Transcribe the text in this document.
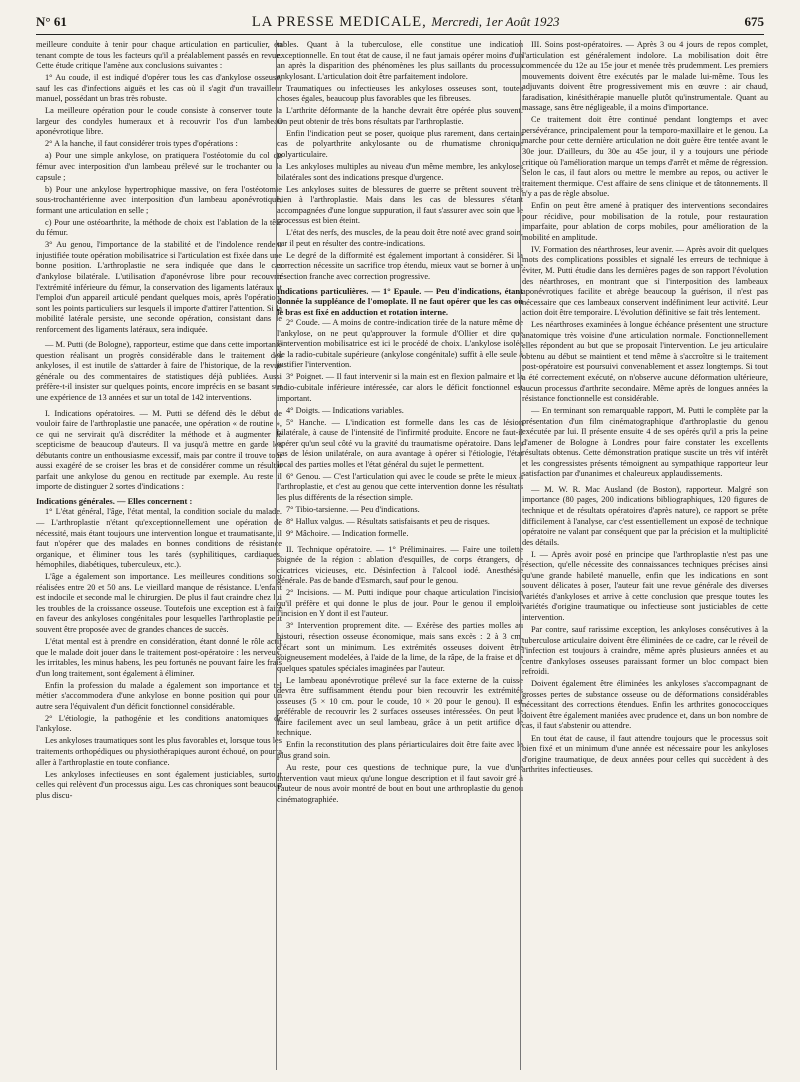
N° 61	LA PRESSE MEDICALE, Mercredi, 1er Août 1923	675

meilleure conduite à tenir pour chaque articulation en particulier, en tenant compte de tous les facteurs qu'il a préalablement passés en revue. Cette étude critique l'amène aux conclusions suivantes :

1° Au coude, il est indiqué d'opérer tous les cas d'ankylose osseuse, sauf les cas d'infections aiguës et les cas où il s'agit d'un travailleur manuel, possédant un bras très robuste.

La meilleure opération pour le coude consiste à conserver toute la largeur des condyles humeraux et à recouvrir l'os d'un lambeau aponévrotique libre.

2° A la hanche, il faut considérer trois types d'opérations :

a) Pour une simple ankylose, on pratiquera l'ostéotomie du col du fémur avec interposition d'un lambeau prélevé sur le trochanter ou la capsule ;

b) Pour une ankylose hypertrophique massive, on fera l'ostéotomie sous-trochantérienne avec interposition d'un lambeau aponévrotique, formant une articulation en selle ;

c) Pour une ostéoarthrite, la méthode de choix est l'ablation de la tête du fémur.

3° Au genou, l'importance de la stabilité et de l'indolence rendent injustifiée toute opération mobilisatrice si l'articulation est fixée dans une bonne position. L'arthroplastie ne sera indiquée que dans le cas d'ankylose bilatérale. L'utilisation d'aponévrose libre pour recouvrir l'extrémité inférieure du fémur, la conservation des ligaments latéraux et l'emploi d'un appareil articulé pendant quelques mois, après l'opération, sont les points particuliers sur lesquels il importe d'attirer l'attention. Si la mobilité latérale persiste, une seconde opération, consistant dans le renforcement des ligaments latéraux, sera indiquée.

— M. Putti (de Bologne), rapporteur, estime que dans cette importante question réalisant un progrès considérable dans le traitement des ankyloses, il est inutile de s'attarder à faire de l'historique, de la revue générale ou des commentaires de statistiques déjà publiées. Aussi préfère-t-il insister sur quelques points, encore imprécis en se basant sur une expérience de 13 années et sur un total de 142 interventions.

I. Indications opératoires. — M. Putti se défend dès le début de vouloir faire de l'arthroplastie une panacée, une opération « de routine », ce qui ne servirait qu'à discréditer la méthode et à augmenter le scepticisme de beaucoup d'auteurs. Il va jusqu'à mettre en garde les débutants contre un enthousiasme excessif, mais par contre il trouve tout aussi exagéré de se croiser les bras et de considérer comme un résultat parfait une ankylose du genou en rectitude par exemple. Au reste il importe de distinguer 2 sortes d'indications :

Indications générales. — Elles concernent :

1° L'état général, l'âge, l'état mental, la condition sociale du malade. — L'arthroplastie n'étant qu'exceptionnellement une opération de nécessité, mais étant toujours une intervention longue et traumatisante, il faut n'opérer que des malades en bonnes conditions de résistance organique, et éliminer tous les tarés (syphilitiques, cardiaques, hémophiles, diabétiques, tuberculeux, etc.).

L'âge a également son importance. Les meilleures conditions sont réalisées entre 20 et 50 ans. Le vieillard manque de résistance. L'enfant est indocile et seconde mal le chirurgien. De plus il faut craindre chez lui les troubles de la croissance osseuse. Toutefois une exception est à faire en faveur des ankyloses congénitales pour lesquelles l'arthroplastie peut souvent être proposée avec de grandes chances de succès.

L'état mental est à prendre en considération, étant donné le rôle actif que le malade doit jouer dans le traitement post-opératoire : les nerveux, les irritables, les minus habens, les peu fortunés ne pouvant faire les frais d'un long traitement, sont également à éliminer.

Enfin la profession du malade a également son importance et tel métier s'accommodera d'une ankylose en bonne position qui pour un autre sera l'équivalent d'un déficit fonctionnel considérable.

2° L'étiologie, la pathogénie et les conditions anatomiques de l'ankylose.

Les ankyloses traumatiques sont les plus favorables et, lorsque tous les traitements orthopédiques ou physiothérapiques auront échoué, on pourra aller à l'arthroplastie en toute confiance.

Les ankyloses infectieuses en sont également justiciables, surtout celles qui relèvent d'un processus aigu. Les cas chroniques sont beaucoup plus discu-

tables. Quant à la tuberculose, elle constitue une indication exceptionnelle. En tout état de cause, il ne faut jamais opérer moins d'un an après la disparition des phénomènes les plus saillants du processus ankylosant. L'articulation doit être parfaitement indolore.

Traumatiques ou infectieuses les ankyloses osseuses sont, toutes choses égales, beaucoup plus favorables que les fibreuses.

L'arthrite déformante de la hanche devrait être opérée plus souvent. On peut obtenir de très bons résultats par l'arthroplastie.

Enfin l'indication peut se poser, quoique plus rarement, dans certains cas de polyarthrite ankylosante ou de rhumatisme chronique polyarticulaire.

Les ankyloses multiples au niveau d'un même membre, les ankyloses bilatérales sont des indications presque d'urgence.

Les ankyloses suites de blessures de guerre se prêtent souvent très bien à l'arthroplastie. Mais dans les cas de blessures s'étant accompagnées d'une longue suppuration, il faut s'assurer avec soin que le processus est bien éteint.

L'état des nerfs, des muscles, de la peau doit être noté avec grand soin, car il peut en résulter des contre-indications.

Le degré de la difformité est également important à considérer. Si la correction nécessite un sacrifice trop étendu, mieux vaut se borner à une résection franche avec correction progressive.

Indications particulières. — 1° Epaule. — Peu d'indications, étant donnée la suppléance de l'omoplate. Il ne faut opérer que les cas où le bras est fixé en adduction et rotation interne.

2° Coude. — A moins de contre-indication tirée de la nature même de l'ankylose, on ne peut qu'approuver la formule d'Ollier et dire que l'intervention mobilisatrice est ici le procédé de choix. L'ankylose isolée de la radio-cubitale supérieure (ankylose congénitale) suffit à elle seule à justifier l'intervention.

3° Poignet. — Il faut intervenir si la main est en flexion palmaire et la radio-cubitale inférieure intéressée, car alors le déficit fonctionnel est important.

4° Doigts. — Indications variables.

5° Hanche. — L'indication est formelle dans les cas de lésion bilatérale, à cause de l'intensité de l'infirmité produite. Encore ne faut-il opérer qu'un seul côté vu la gravité du traumatisme opératoire. Dans les cas de lésion unilatérale, on aura avantage à opérer si l'étiologie, l'état local des parties molles et l'état général du sujet le permettent.

6° Genou. — C'est l'articulation qui avec le coude se prête le mieux à l'arthroplastie, et c'est au genou que cette intervention donne les résultats les plus différents de la résection simple.

7° Tibio-tarsienne. — Peu d'indications.

8° Hallux valgus. — Résultats satisfaisants et peu de risques.

9° Mâchoire. — Indication formelle.

II. Technique opératoire. — 1° Préliminaires. — Faire une toilette soignée de la région : ablation d'esquilles, de corps étrangers, de cicatrices vicieuses, etc. Désinfection à l'alcool iodé. Anesthésie générale. Pas de bande d'Esmarch, sauf pour le genou.

2° Incisions. — M. Putti indique pour chaque articulation l'incision qu'il préfère et qui donne le plus de jour. Pour le genou il emploie l'incision en Y dont il est l'auteur.

3° Intervention proprement dite. — Exérèse des parties molles au bistouri, résection osseuse économique, mais sans excès : 2 à 3 cm. d'écart sont un minimum. Les extrémités osseuses doivent être soigneusement modelées, à l'aide de la lime, de la râpe, de la fraise et de quelques spatules spéciales imaginées par l'auteur.

Le lambeau aponévrotique prélevé sur la face externe de la cuisse devra être suffisamment étendu pour bien recouvrir les extrémités osseuses (5 × 10 cm. pour le coude, 10 × 20 pour le genou). Il est préférable de recouvrir les 2 surfaces osseuses intéressées. On peut le faire facilement avec un seul lambeau, grâce à un petit artifice de technique.

Enfin la reconstitution des plans périarticulaires doit être faite avec le plus grand soin.

Au reste, pour ces questions de technique pure, la vue d'une intervention vaut mieux qu'une longue description et il faut savoir gré à l'auteur de nous avoir montré de bout en bout une arthroplastie du genou cinématographiée.

III. Soins post-opératoires. — Après 3 ou 4 jours de repos complet, l'articulation est généralement indolore. La mobilisation doit être commencée du 12e au 15e jour et menée très prudemment. Les premiers mouvements doivent être exécutés par le malade lui-même. Tous les adjuvants doivent être progressivement mis en œuvre : air chaud, faradisation, kinésithérapie manuelle plutôt qu'instrumentale. Quant au massage, sans être négligeable, il a moins d'importance.

Ce traitement doit être continué pendant longtemps et avec persévérance, principalement pour la temporo-maxillaire et le genou. La marche pour cette dernière articulation ne doit guère être tentée avant le 30e jour. D'ailleurs, du 30e au 45e jour, il y a toujours une période critique où l'amélioration marque un temps d'arrêt et même de régression. Selon le cas, il faut alors ou mettre le membre au repos, ou activer le traitement thermique. C'est affaire de sens clinique et de tâtonnements. Il n'y a pas de règle absolue.

Enfin on peut être amené à pratiquer des interventions secondaires pour récidive, pour mobilisation de la rotule, pour restauration imparfaite, pour ablation de corps mobiles, pour amélioration de la mobilité en amplitude.

IV. Formation des néarthroses, leur avenir. — Après avoir dit quelques mots des complications possibles et signalé les erreurs de technique à éviter, M. Putti étudie dans les dernières pages de son rapport l'évolution des néarthroses, en montrant que si l'interposition des lambeaux aponévrotiques facilite et abrège beaucoup la guérison, il n'est pas nécessaire que ces lambeaux conservent indéfiniment leur activité. Leur action doit être temporaire. L'évolution définitive se fait très lentement.

Les néarthroses examinées à longue échéance présentent une structure anatomique très voisine d'une articulation normale. Fonctionnellement elles répondent au but que se proposait l'intervention. Le jeu articulaire obtenu au début se maintient et tend même à s'accroître si le traitement post-opératoire est poursuivi convenablement et assez longtemps. Si tout a été correctement exécuté, on n'observe aucune déformation ultérieure, aucun processus d'arthrite secondaire. Même après de longues années la résistance fonctionnelle est considérable.

— En terminant son remarquable rapport, M. Putti le complète par la présentation d'un film cinématographique d'arthroplastie du genou exécutée par lui. Il présente ensuite 4 de ses opérés qu'il a pris la peine d'amener de Bologne à Londres pour faire constater les excellents résultats obtenus. Cette démonstration pratique suscite un très vif intérêt et les congressistes présents témoignent au sympathique rapporteur leur satisfaction par d'unanimes et chaleureux applaudissements.

— M. W. R. Mac Ausland (de Boston), rapporteur. Malgré son importance (80 pages, 200 indications bibliographiques, 120 figures de technique et de résultats opératoires d'après nature), ce rapport se prête difficilement à l'analyse, car c'est essentiellement un exposé de technique opératoire ne valant par conséquent que par la précision et la multiplicité des détails.

I. — Après avoir posé en principe que l'arthroplastie n'est pas une résection, qu'elle nécessite des connaissances techniques précises ainsi qu'une grande habileté manuelle, enfin que les indications en sont souvent délicates à poser, l'auteur fait une revue générale des diverses variétés d'ankyloses et arrive à cette conclusion que presque toutes les variétés d'origine traumatique ou infectieuse sont justiciables de cette intervention.

Par contre, sauf rarissime exception, les ankyloses consécutives à la tuberculose articulaire doivent être éliminées de ce cadre, car le réveil de l'infection est toujours à craindre, même après plusieurs années et au centre d'ankyloses osseuses paraissant former un bloc compact bien refroidi.

Doivent également être éliminées les ankyloses s'accompagnant de grosses pertes de substance osseuse ou de déformations considérables nécessitant des corrections étendues. Enfin les arthrites gonococciques doivent être également maniées avec prudence et, dans un bon nombre de cas, il faut s'abstenir ou attendre.

En tout état de cause, il faut attendre toujours que le processus soit bien fixé et un minimum d'une année est nécessaire pour les ankyloses d'origine traumatique, de deux années pour celles qui succèdent à des arthrites infectieuses.
